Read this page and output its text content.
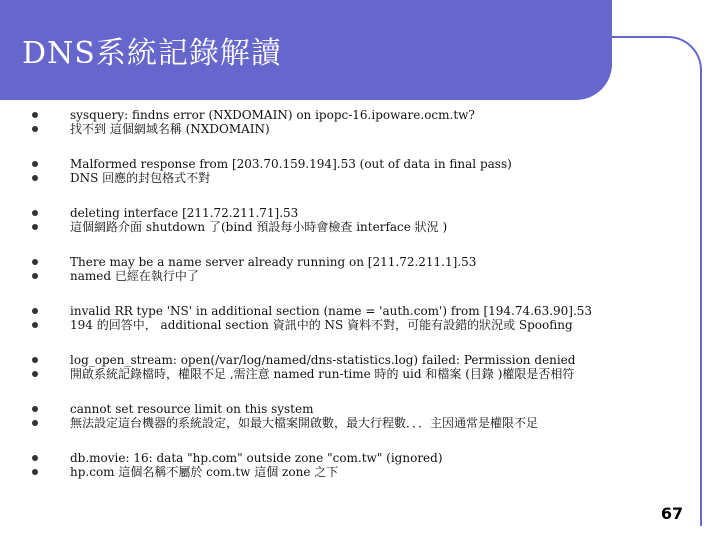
DNS系統記錄解讀
sysquery: findns error (NXDOMAIN) on ipopc-16.ipoware.ocm.tw?
找不到 這個網域名稱 (NXDOMAIN)
Malformed response from [203.70.159.194].53 (out of data in final pass)
DNS 回應的封包格式不對
deleting interface [211.72.211.71].53
這個網路介面 shutdown 了(bind 預設每小時會檢查 interface 狀況 )
There may be a name server already running on [211.72.211.1].53
named 已經在執行中了
invalid RR type 'NS' in additional section (name = 'auth.com') from [194.74.63.90].53
194 的回答中， additional section 資訊中的 NS 資料不對，可能有設錯的狀況或 Spoofing
log_open_stream: open(/var/log/named/dns-statistics.log) failed: Permission denied
開啟系統記錄檔時，權限不足 ,需注意 named run-time 時的 uid 和檔案 (目錄 )權限是否相符
cannot set resource limit on this system
無法設定這台機器的系統設定，如最大檔案開啟數，最大行程數．．．主因通常是權限不足
db.movie: 16: data "hp.com" outside zone "com.tw" (ignored)
hp.com 這個名稱不屬於 com.tw 這個 zone 之下
67
